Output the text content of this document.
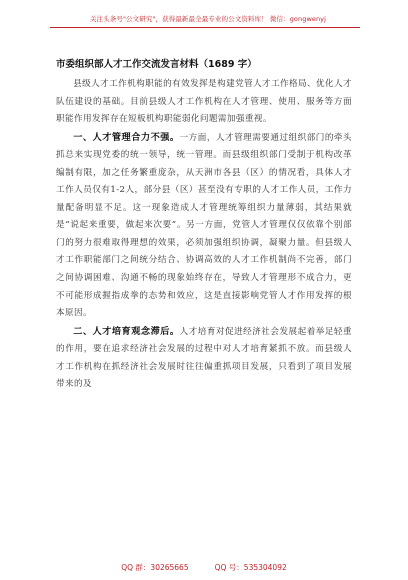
关注头条号"公文研究"，获得最新最全最专业的公文资料库！ 微信：gongwenyj
市委组织部人才工作交流发言材料（1689 字）

县级人才工作机构职能的有效发挥是构建党管人才工作格局、优化人才队伍建设的基础。目前县级人才工作机构在人才管理、使用、服务等方面职能作用发挥存在短板机构职能弱化问题需加强重视。

一、人才管理合力不强。一方面，人才管理需要通过组织部门的牵头抓总来实现党委的统一领导，统一管理。而县级组织部门受制于机构改革编制有限，加之任务繁重庞杂，从天洲市各县（区）的情况看，具体人才工作人员仅有1-2人，部分县（区）甚至没有专职的人才工作人员，工作力量配备明显不足。这一现象造成人才管理统筹组织力量薄弱，其结果就是“说起来重要，做起来次要”。另一方面，党管人才管理仅仅依靠个别部门的努力很难取得理想的效果，必须加强组织协调，凝聚力量。但县级人才工作职能部门之间统分结合、协调高效的人才工作机制尚不完善，部门之间协调困难、沟通不畅的现象始终存在，导致人才管理形不成合力，更不可能形成握指成拳的态势和效应，这是直接影响党管人才作用发挥的根本原因。

二、人才培育观念滞后。人才培育对促进经济社会发展起着举足轻重的作用，要在追求经济社会发展的过程中对人才培育紧抓不放。而县级人才工作机构在抓经济社会发展时往往偏重抓项目发展，只看到了项目发展带来的及

QQ 群：30265665	QQ 号：535304092
